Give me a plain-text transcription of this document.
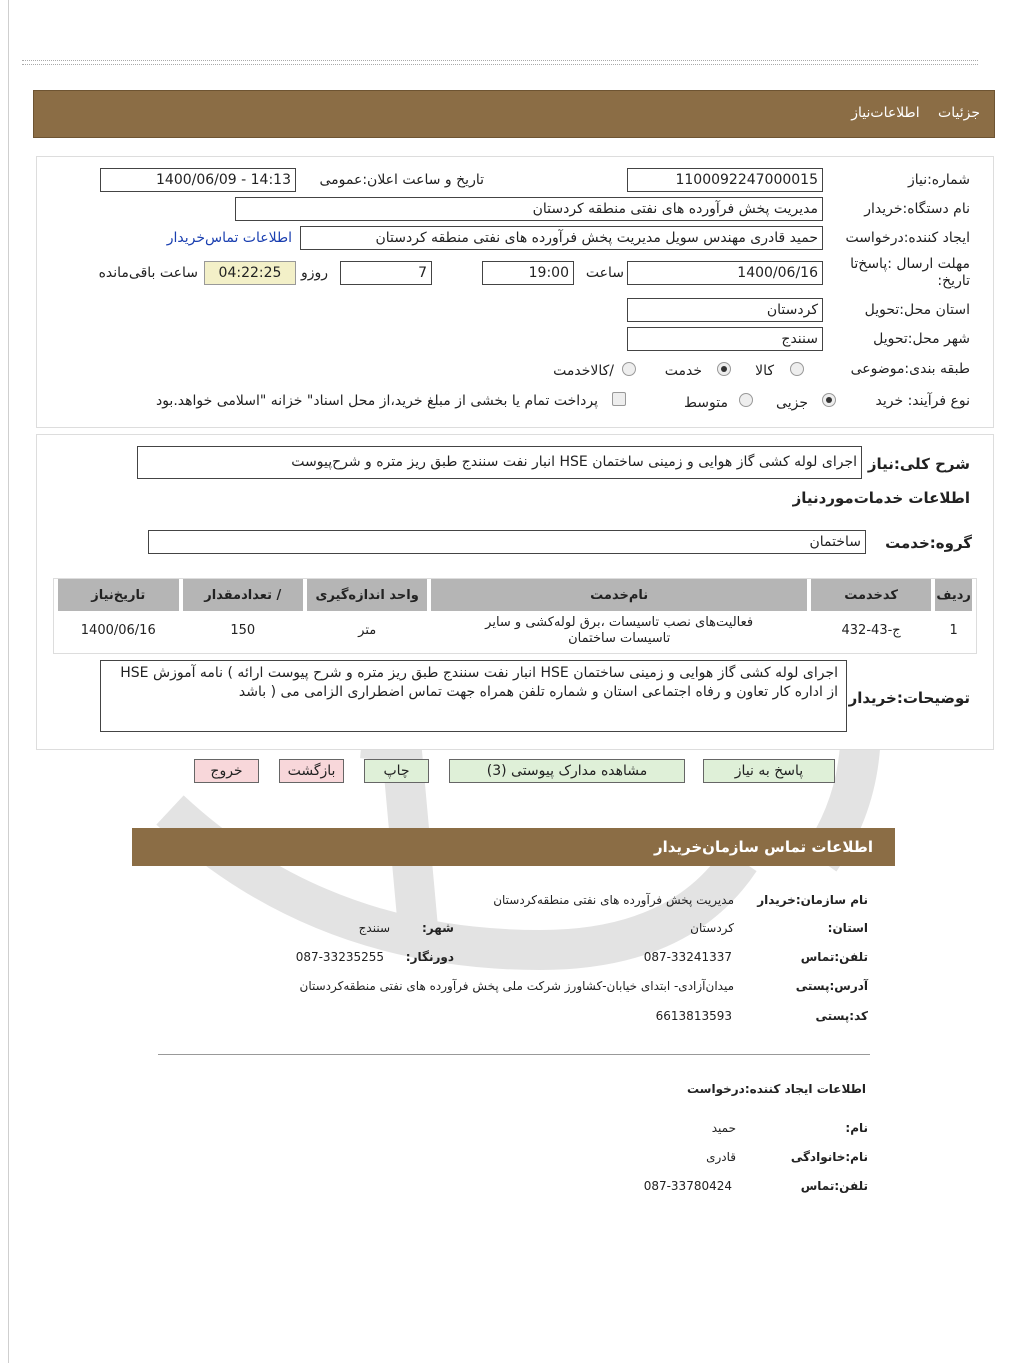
جزئیات اطلاعات‌نیاز
شماره:نیاز
1100092247000015
تاریخ و ساعت اعلان:عمومی
1400/06/09 - 14:13
نام دستگاه:خریدار
مدیریت پخش فرآورده های نفتی منطقه کردستان
ایجاد کننده:درخواست
حمید قادری مهندس سویل مدیریت پخش فرآورده های نفتی منطقه کردستان
اطلاعات تماس‌خریدار
مهلت ارسال :پاسخ‌تا تاریخ:
1400/06/16
ساعت
19:00
7
روزو
04:22:25
ساعت باقی‌مانده
استان محل:تحویل
کردستان
شهر محل:تحویل
سنندج
طبقه بندی:موضوعی
کالا
خدمت
/کالاخدمت
نوع فرآیند: خرید
جزیی
متوسط
پرداخت تمام یا بخشی از مبلغ خرید،از محل اسناد" خزانه "اسلامی خواهد.بود
شرح کلی:نیاز
اجرای لوله کشی گاز هوایی و زمینی ساختمان HSE انبار نفت سنندج طبق ریز متره و شرح‌پیوست
اطلاعات خدمات‌موردنیاز
گروه:خدمت
ساختمان
ردیف	کدخدمت	نام‌خدمت	واحد اندازه‌گیری	/ تعدادمقدار	تاریخ‌نیاز
1	ج-43-432	فعالیت‌های نصب تاسیسات ،برق لوله‌کشی و سایر تاسیسات ساختمان	متر	150	1400/06/16
توضیحات:خریدار
اجرای لوله کشی گاز هوایی و زمینی ساختمان HSE انبار نفت سنندج طبق ریز متره و شرح پیوست ارائه ) نامه آموزش HSE از اداره کار تعاون و رفاه اجتماعی استان و شماره تلفن همراه جهت تماس اضطراری الزامی می ( باشد
پاسخ به نیاز
مشاهده مدارک پیوستی (3)
چاپ
بازگشت
خروج
اطلاعات تماس سازمان‌خریدار
نام سازمان:خریدار
مدیریت پخش فرآورده های نفتی منطقه‌کردستان
استان:
کردستان
شهر:
سنندج
تلفن:تماس
087-33241337
دورنگار:
087-33235255
آدرس:پستی
میدان‌آزادی- ابتدای خیابان-کشاورز شرکت ملی پخش فرآورده های نفتی منطقه‌کردستان
کد:پستی
6613813593
اطلاعات ایجاد کننده:درخواست
نام:
حمید
نام:خانوادگی
قادری
تلفن:تماس
087-33780424
